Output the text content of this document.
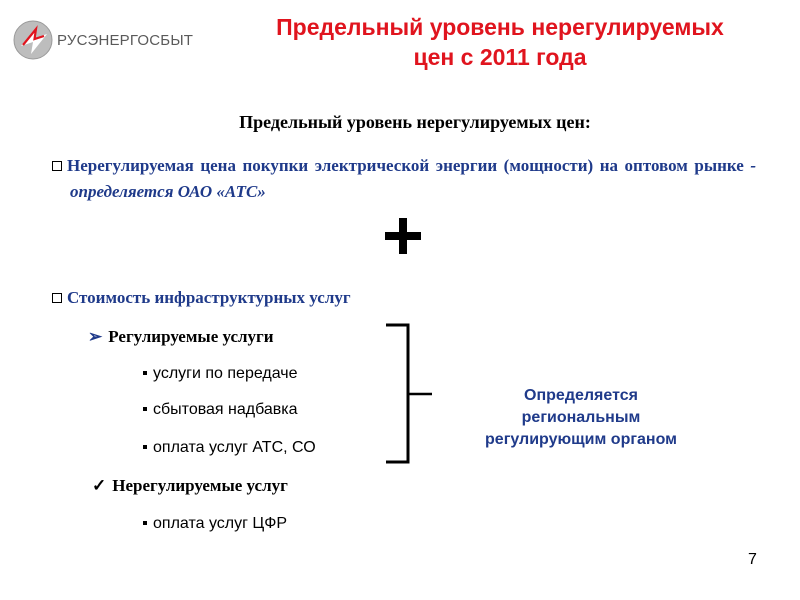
РУСЭНЕРГОСБЫТ
Предельный уровень нерегулируемых
цен с 2011 года
Предельный уровень нерегулируемых цен:
Нерегулируемая цена покупки электрической энергии (мощности) на оптовом рынке - определяется ОАО «АТС»
Стоимость инфраструктурных услуг
➢ Регулируемые услуги
услуги по передаче
сбытовая надбавка
оплата услуг АТС, СО
✓ Нерегулируемые услуг
оплата услуг ЦФР
Определяется
региональным
регулирующим органом
7
